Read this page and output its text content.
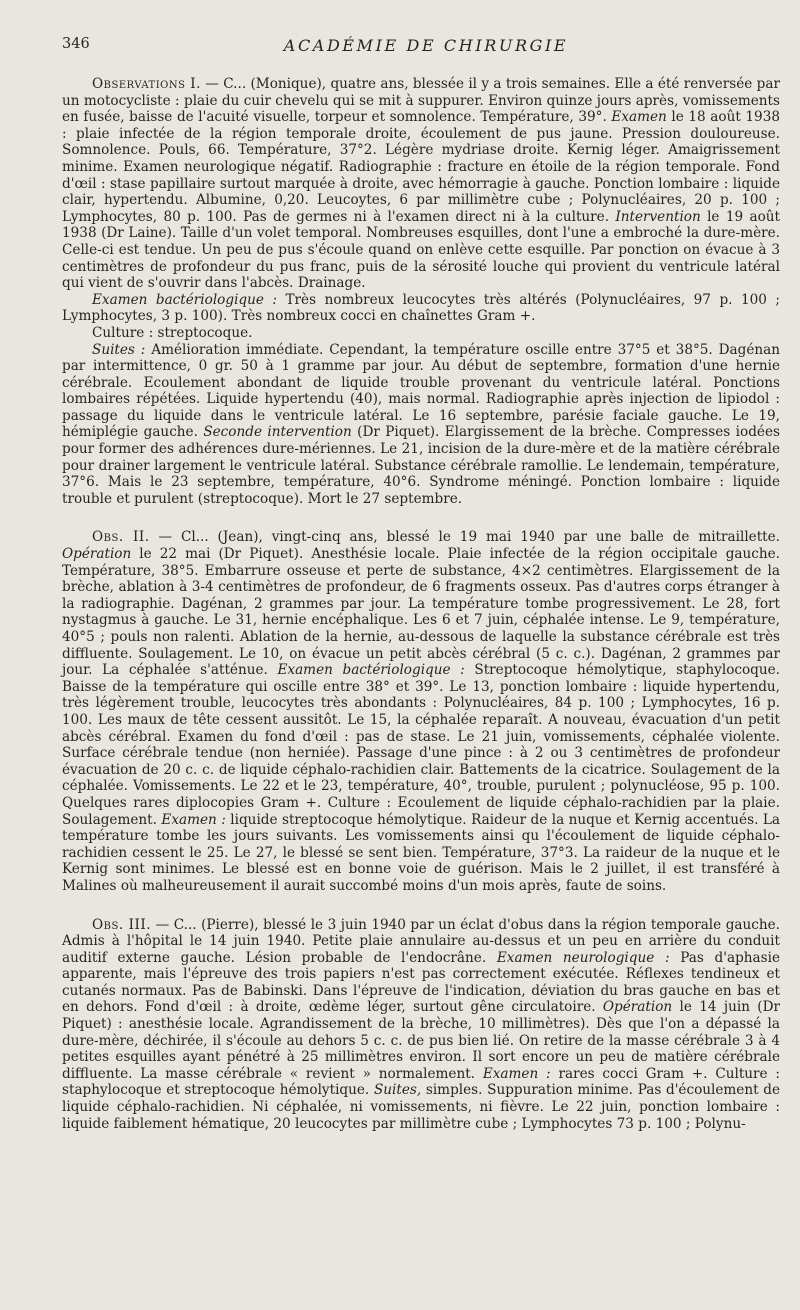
346	ACADÉMIE DE CHIRURGIE

Observations I. — C... (Monique), quatre ans, blessée il y a trois semaines. Elle a été renversée par un motocycliste : plaie du cuir chevelu qui se mit à suppurer. Environ quinze jours après, vomissements en fusée, baisse de l'acuité visuelle, torpeur et somnolence. Température, 39°. Examen le 18 août 1938 : plaie infectée de la région temporale droite, écoulement de pus jaune. Pression douloureuse. Somnolence. Pouls, 66. Température, 37°2. Légère mydriase droite. Kernig léger. Amaigrissement minime. Examen neurologique négatif. Radiographie : fracture en étoile de la région temporale. Fond d'œil : stase papillaire surtout marquée à droite, avec hémorragie à gauche. Ponction lombaire : liquide clair, hypertendu. Albumine, 0,20. Leucoytes, 6 par millimètre cube ; Polynucléaires, 20 p. 100 ; Lymphocytes, 80 p. 100. Pas de germes ni à l'examen direct ni à la culture. Intervention le 19 août 1938 (Dr Laine). Taille d'un volet temporal. Nombreuses esquilles, dont l'une a embroché la dure-mère. Celle-ci est tendue. Un peu de pus s'écoule quand on enlève cette esquille. Par ponction on évacue à 3 centimètres de profondeur du pus franc, puis de la sérosité louche qui provient du ventricule latéral qui vient de s'ouvrir dans l'abcès. Drainage.

Examen bactériologique : Très nombreux leucocytes très altérés (Polynucléaires, 97 p. 100 ; Lymphocytes, 3 p. 100). Très nombreux cocci en chaînettes Gram +.

Culture : streptocoque.

Suites : Amélioration immédiate. Cependant, la température oscille entre 37°5 et 38°5. Dagénan par intermittence, 0 gr. 50 à 1 gramme par jour. Au début de septembre, formation d'une hernie cérébrale. Ecoulement abondant de liquide trouble provenant du ventricule latéral. Ponctions lombaires répétées. Liquide hypertendu (40), mais normal. Radiographie après injection de lipiodol : passage du liquide dans le ventricule latéral. Le 16 septembre, parésie faciale gauche. Le 19, hémiplégie gauche. Seconde intervention (Dr Piquet). Elargissement de la brèche. Compresses iodées pour former des adhérences dure-mériennes. Le 21, incision de la dure-mère et de la matière cérébrale pour drainer largement le ventricule latéral. Substance cérébrale ramollie. Le lendemain, température, 37°6. Mais le 23 septembre, température, 40°6. Syndrome méningé. Ponction lombaire : liquide trouble et purulent (streptocoque). Mort le 27 septembre.

Obs. II. — Cl... (Jean), vingt-cinq ans, blessé le 19 mai 1940 par une balle de mitraillette. Opération le 22 mai (Dr Piquet). Anesthésie locale. Plaie infectée de la région occipitale gauche. Température, 38°5. Embarrure osseuse et perte de substance, 4×2 centimètres. Elargissement de la brèche, ablation à 3-4 centimètres de profondeur, de 6 fragments osseux. Pas d'autres corps étranger à la radiographie. Dagénan, 2 grammes par jour. La température tombe progressivement. Le 28, fort nystagmus à gauche. Le 31, hernie encéphalique. Les 6 et 7 juin, céphalée intense. Le 9, température, 40°5 ; pouls non ralenti. Ablation de la hernie, au-dessous de laquelle la substance cérébrale est très diffluente. Soulagement. Le 10, on évacue un petit abcès cérébral (5 c. c.). Dagénan, 2 grammes par jour. La céphalée s'atténue. Examen bactériologique : Streptocoque hémolytique, staphylocoque. Baisse de la température qui oscille entre 38° et 39°. Le 13, ponction lombaire : liquide hypertendu, très légèrement trouble, leucocytes très abondants : Polynucléaires, 84 p. 100 ; Lymphocytes, 16 p. 100. Les maux de tête cessent aussitôt. Le 15, la céphalée reparaît. A nouveau, évacuation d'un petit abcès cérébral. Examen du fond d'œil : pas de stase. Le 21 juin, vomissements, céphalée violente. Surface cérébrale tendue (non herniée). Passage d'une pince : à 2 ou 3 centimètres de profondeur évacuation de 20 c. c. de liquide céphalo-rachidien clair. Battements de la cicatrice. Soulagement de la céphalée. Vomissements. Le 22 et le 23, température, 40°, trouble, purulent ; polynucléose, 95 p. 100. Quelques rares diplocopies Gram +. Culture : Ecoulement de liquide céphalo-rachidien par la plaie. Soulagement. Examen : liquide streptocoque hémolytique. Raideur de la nuque et Kernig accentués. La température tombe les jours suivants. Les vomissements ainsi qu l'écoulement de liquide céphalo-rachidien cessent le 25. Le 27, le blessé se sent bien. Température, 37°3. La raideur de la nuque et le Kernig sont minimes. Le blessé est en bonne voie de guérison. Mais le 2 juillet, il est transféré à Malines où malheureusement il aurait succombé moins d'un mois après, faute de soins.

Obs. III. — C... (Pierre), blessé le 3 juin 1940 par un éclat d'obus dans la région temporale gauche. Admis à l'hôpital le 14 juin 1940. Petite plaie annulaire au-dessus et un peu en arrière du conduit auditif externe gauche. Lésion probable de l'endocrâne. Examen neurologique : Pas d'aphasie apparente, mais l'épreuve des trois papiers n'est pas correctement exécutée. Réflexes tendineux et cutanés normaux. Pas de Babinski. Dans l'épreuve de l'indication, déviation du bras gauche en bas et en dehors. Fond d'œil : à droite, œdème léger, surtout gêne circulatoire. Opération le 14 juin (Dr Piquet) : anesthésie locale. Agrandissement de la brèche, 10 millimètres). Dès que l'on a dépassé la dure-mère, déchirée, il s'écoule au dehors 5 c. c. de pus bien lié. On retire de la masse cérébrale 3 à 4 petites esquilles ayant pénétré à 25 millimètres environ. Il sort encore un peu de matière cérébrale diffluente. La masse cérébrale « revient » normalement. Examen : rares cocci Gram +. Culture : staphylocoque et streptocoque hémolytique. Suites, simples. Suppuration minime. Pas d'écoulement de liquide céphalo-rachidien. Ni céphalée, ni vomissements, ni fièvre. Le 22 juin, ponction lombaire : liquide faiblement hématique, 20 leucocytes par millimètre cube ; Lymphocytes 73 p. 100 ; Polynu-
